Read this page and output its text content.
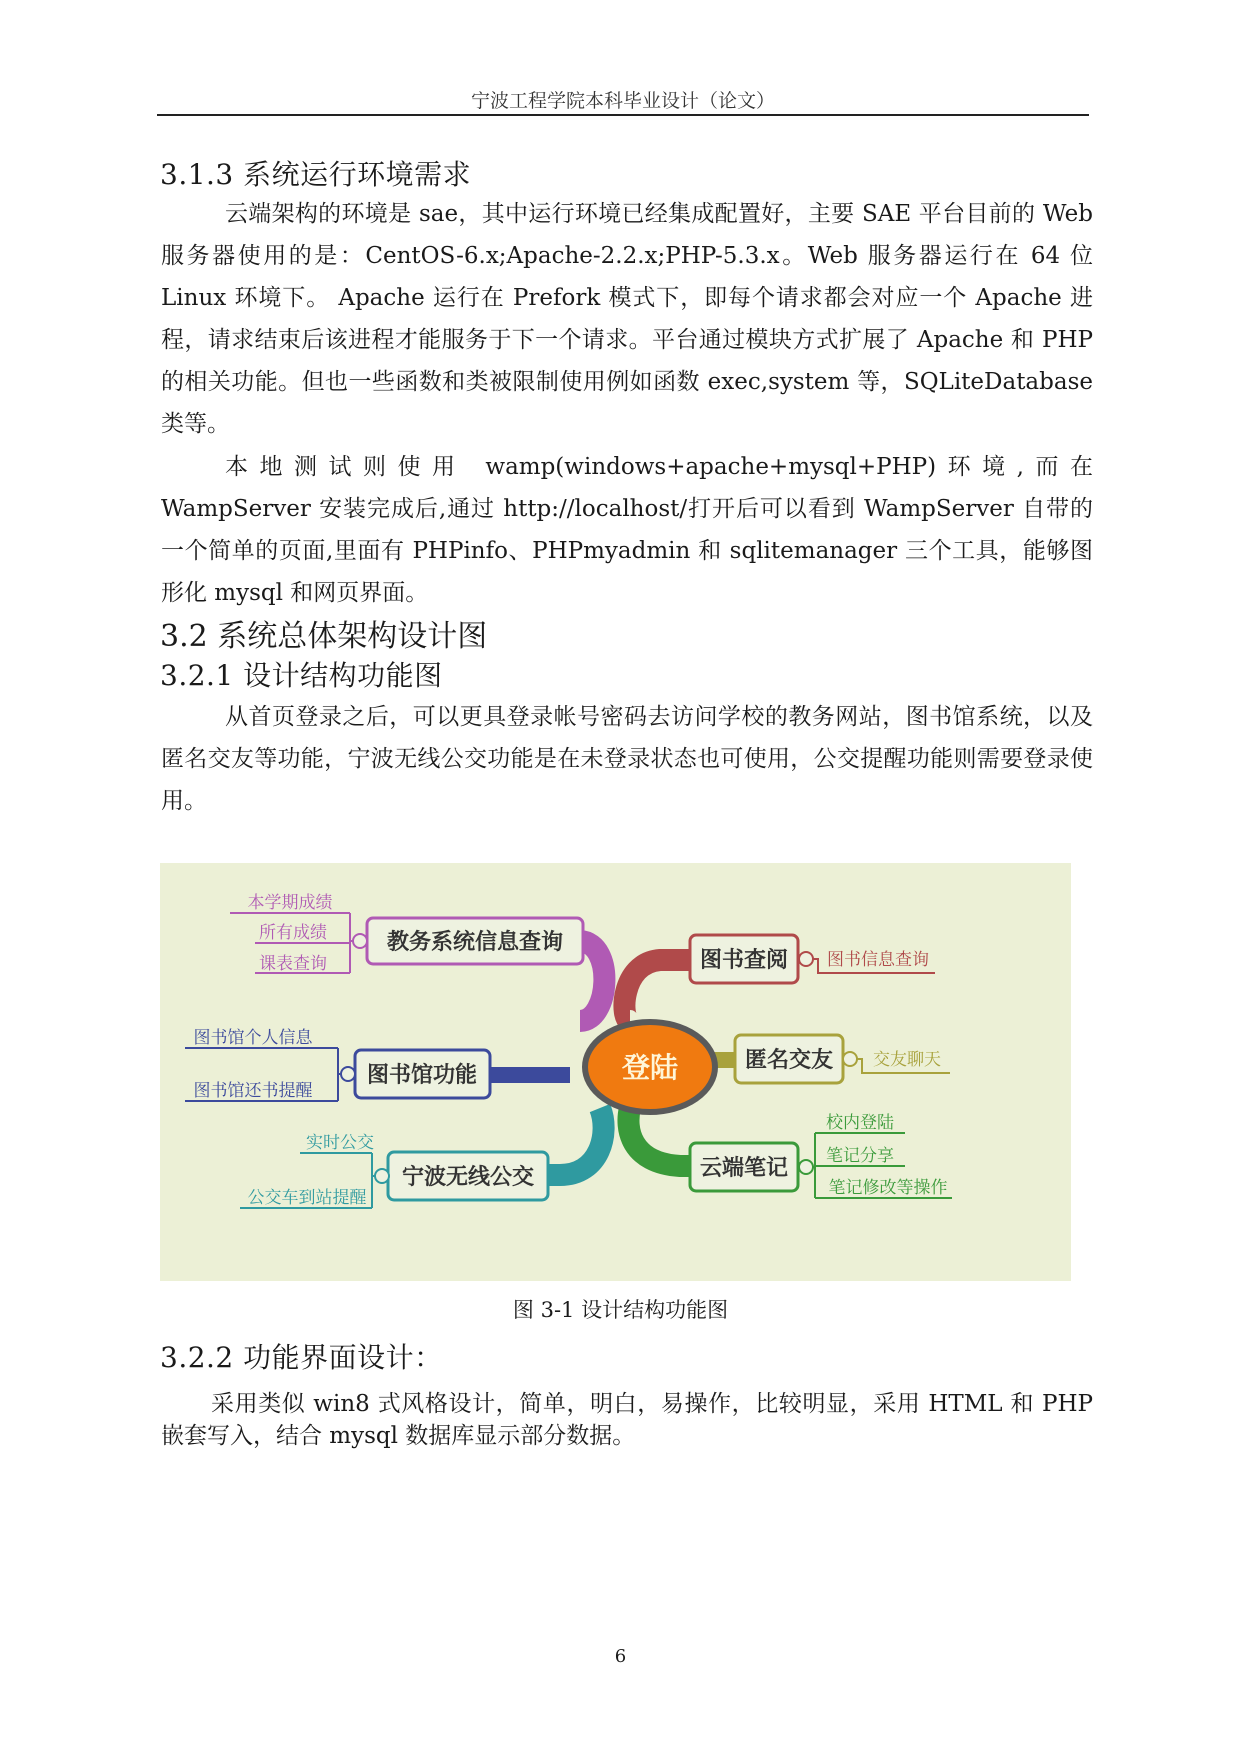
宁波工程学院本科毕业设计（论文）
3.1.3 系统运行环境需求

云端架构的环境是 sae，其中运行环境已经集成配置好，主要 SAE 平台目前的 Web 服务器使用的是：CentOS-6.x;Apache-2.2.x;PHP-5.3.x。Web 服务器运行在 64 位 Linux 环境下。 Apache 运行在 Prefork 模式下，即每个请求都会对应一个 Apache 进程，请求结束后该进程才能服务于下一个请求。平台通过模块方式扩展了 Apache 和 PHP 的相关功能。但也一些函数和类被限制使用例如函数 exec,system 等，SQLiteDatabase 类等。

本地测试则使用 wamp(windows+apache+mysql+PHP)环境,而在 WampServer 安装完成后,通过 http://localhost/打开后可以看到 WampServer 自带的一个简单的页面,里面有 PHPinfo、PHPmyadmin 和 sqlitemanager 三个工具，能够图形化 mysql 和网页界面。

3.2 系统总体架构设计图
3.2.1 设计结构功能图

从首页登录之后，可以更具登录帐号密码去访问学校的教务网站，图书馆系统，以及匿名交友等功能，宁波无线公交功能是在未登录状态也可使用，公交提醒功能则需要登录使用。

登陆
教务系统信息查询
本学期成绩
所有成绩
课表查询
图书馆功能
图书馆个人信息
图书馆还书提醒
宁波无线公交
实时公交
公交车到站提醒
图书查阅 图书信息查询
匿名交友 交友聊天
云端笔记
校内登陆
笔记分享
笔记修改等操作
图 3-1 设计结构功能图
3.2.2 功能界面设计：

采用类似 win8 式风格设计，简单，明白，易操作，比较明显，采用 HTML 和 PHP 嵌套写入，结合 mysql 数据库显示部分数据。

6
